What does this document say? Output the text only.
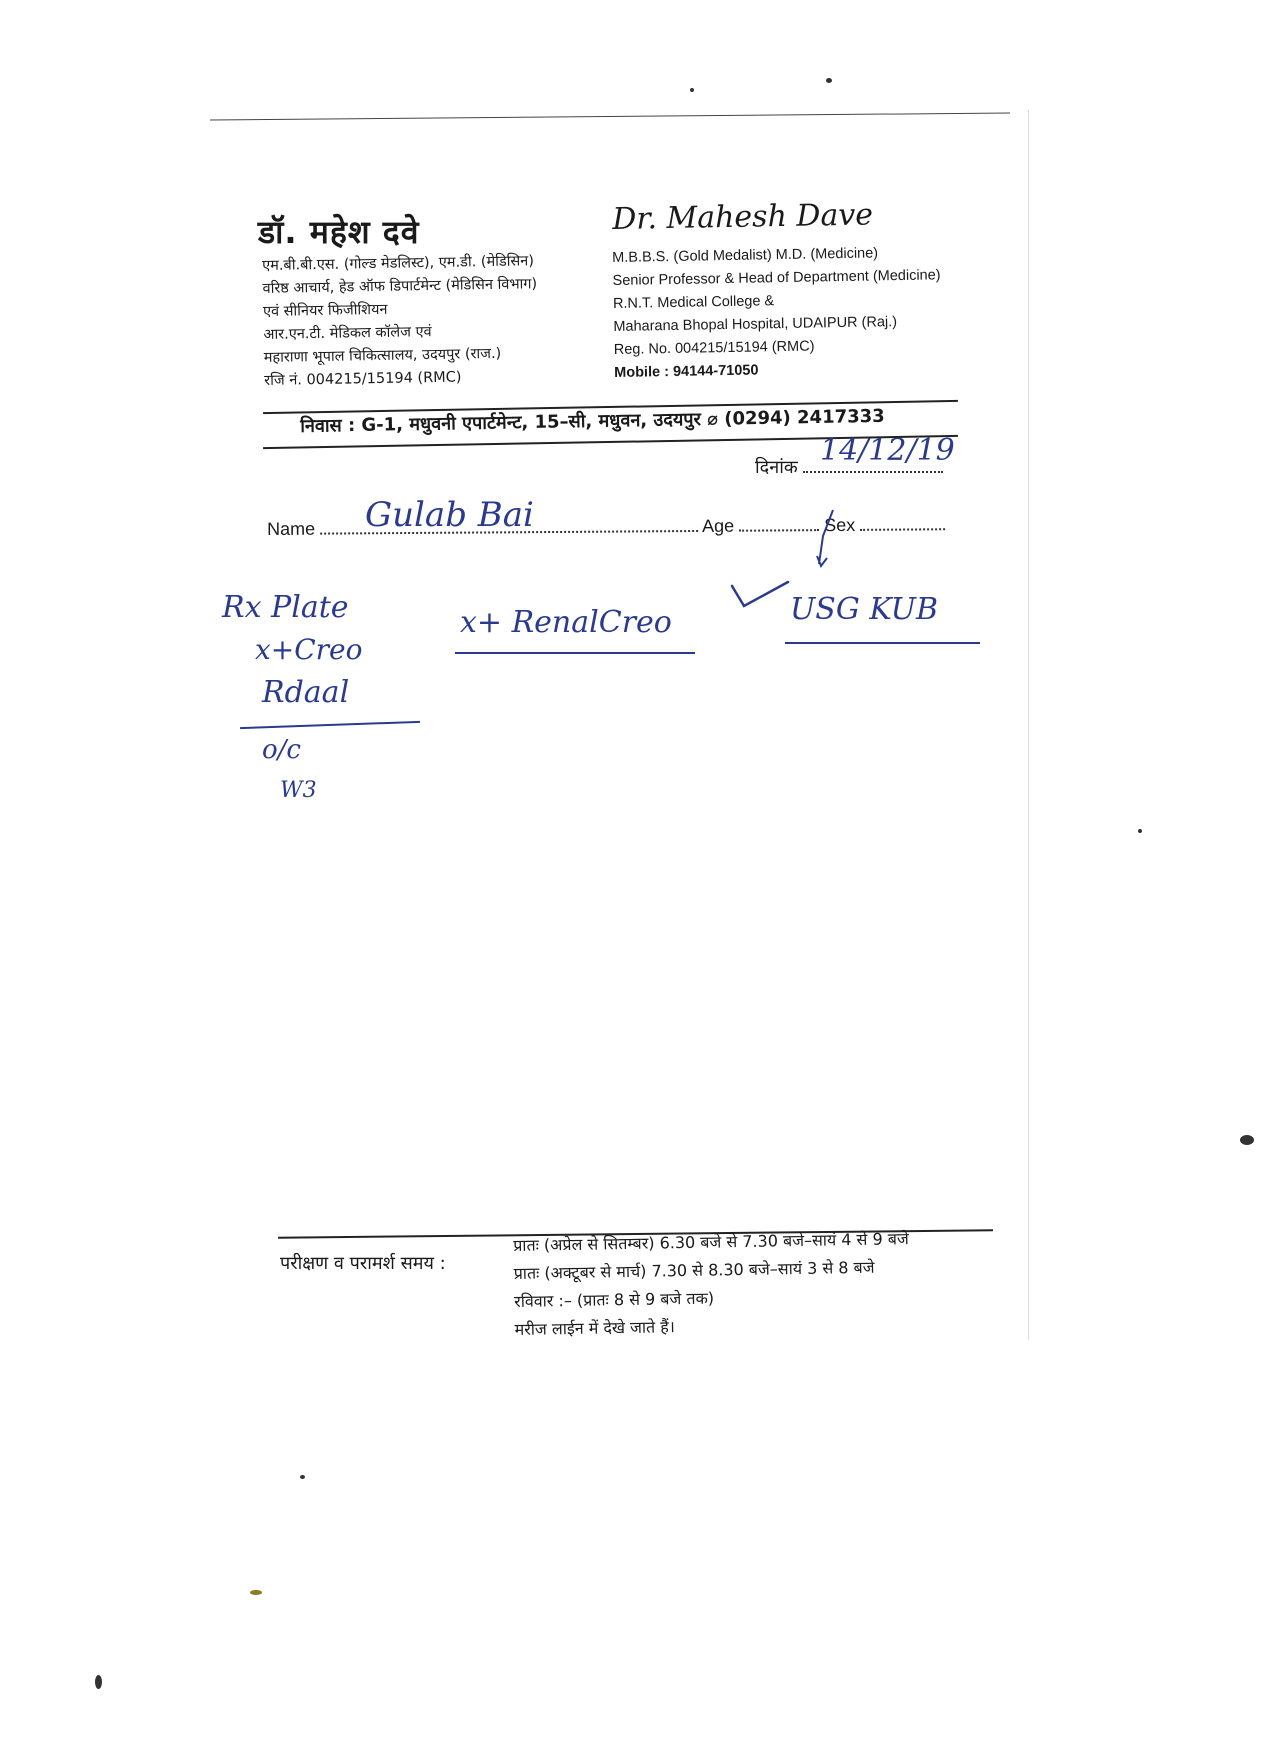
डॉ. महेश दवे
एम.बी.बी.एस. (गोल्ड मेडलिस्ट), एम.डी. (मेडिसिन)
वरिष्ठ आचार्य, हेड ऑफ डिपार्टमेन्ट (मेडिसिन विभाग)
एवं सीनियर फिजीशियन
आर.एन.टी. मेडिकल कॉलेज एवं
महाराणा भूपाल चिकित्सालय, उदयपुर (राज.)
रजि नं. 004215/15194 (RMC)
Dr. Mahesh Dave
M.B.B.S. (Gold Medalist) M.D. (Medicine)
Senior Professor & Head of Department (Medicine)
R.N.T. Medical College &
Maharana Bhopal Hospital, UDAIPUR (Raj.)
Reg. No. 004215/15194 (RMC)
Mobile : 94144-71050
निवास : G-1, मधुवनी एपार्टमेन्ट, 15–सी, मधुवन, उदयपुर ⌀ (0294) 2417333
दिनांक 14/12/19
Name	Age	Sex
Gulab Bai
Rx Plate
x+Creo
Rdaal
o/c
W3
x+ RenalCreo	USG KUB
परीक्षण व परामर्श समय :
प्रातः (अप्रेल से सितम्बर) 6.30 बजे से 7.30 बजे–सायं 4 से 9 बजे
प्रातः (अक्टूबर से मार्च) 7.30 से 8.30 बजे–सायं 3 से 8 बजे
रविवार :– (प्रातः 8 से 9 बजे तक)
मरीज लाईन में देखे जाते हैं।
